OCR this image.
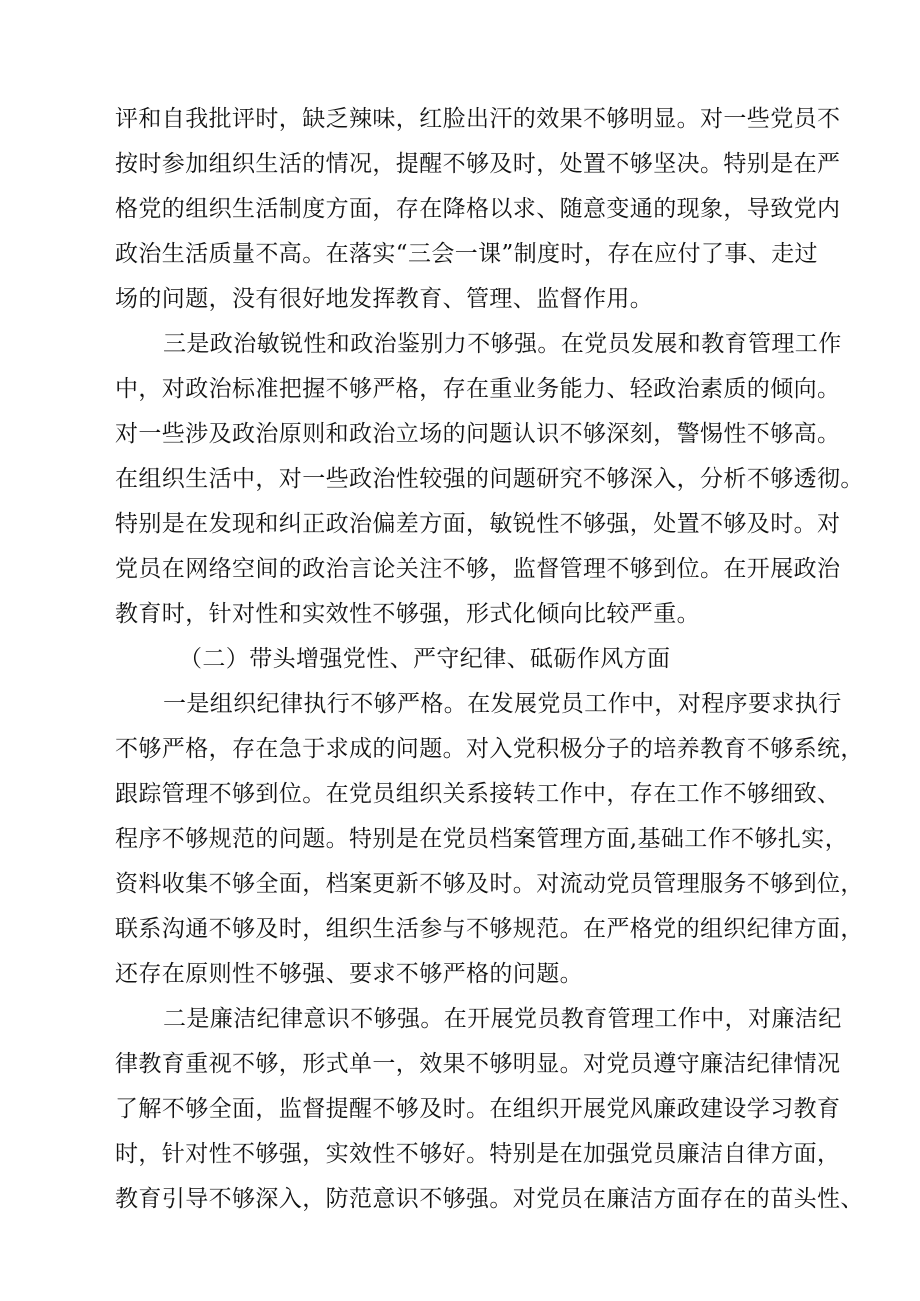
评和自我批评时，缺乏辣味，红脸出汗的效果不够明显。对一些党员不
按时参加组织生活的情况，提醒不够及时，处置不够坚决。特别是在严
格党的组织生活制度方面，存在降格以求、随意变通的现象，导致党内
政治生活质量不高。在落实“三会一课”制度时，存在应付了事、走过
场的问题，没有很好地发挥教育、管理、监督作用。
三是政治敏锐性和政治鉴别力不够强。在党员发展和教育管理工作
中，对政治标准把握不够严格，存在重业务能力、轻政治素质的倾向。
对一些涉及政治原则和政治立场的问题认识不够深刻，警惕性不够高。
在组织生活中，对一些政治性较强的问题研究不够深入，分析不够透彻。
特别是在发现和纠正政治偏差方面，敏锐性不够强，处置不够及时。对
党员在网络空间的政治言论关注不够，监督管理不够到位。在开展政治
教育时，针对性和实效性不够强，形式化倾向比较严重。
（二）带头增强党性、严守纪律、砥砺作风方面
一是组织纪律执行不够严格。在发展党员工作中，对程序要求执行
不够严格，存在急于求成的问题。对入党积极分子的培养教育不够系统，
跟踪管理不够到位。在党员组织关系接转工作中，存在工作不够细致、
程序不够规范的问题。特别是在党员档案管理方面,基础工作不够扎实，
资料收集不够全面，档案更新不够及时。对流动党员管理服务不够到位，
联系沟通不够及时，组织生活参与不够规范。在严格党的组织纪律方面，
还存在原则性不够强、要求不够严格的问题。
二是廉洁纪律意识不够强。在开展党员教育管理工作中，对廉洁纪
律教育重视不够，形式单一，效果不够明显。对党员遵守廉洁纪律情况
了解不够全面，监督提醒不够及时。在组织开展党风廉政建设学习教育
时，针对性不够强，实效性不够好。特别是在加强党员廉洁自律方面，
教育引导不够深入，防范意识不够强。对党员在廉洁方面存在的苗头性、
